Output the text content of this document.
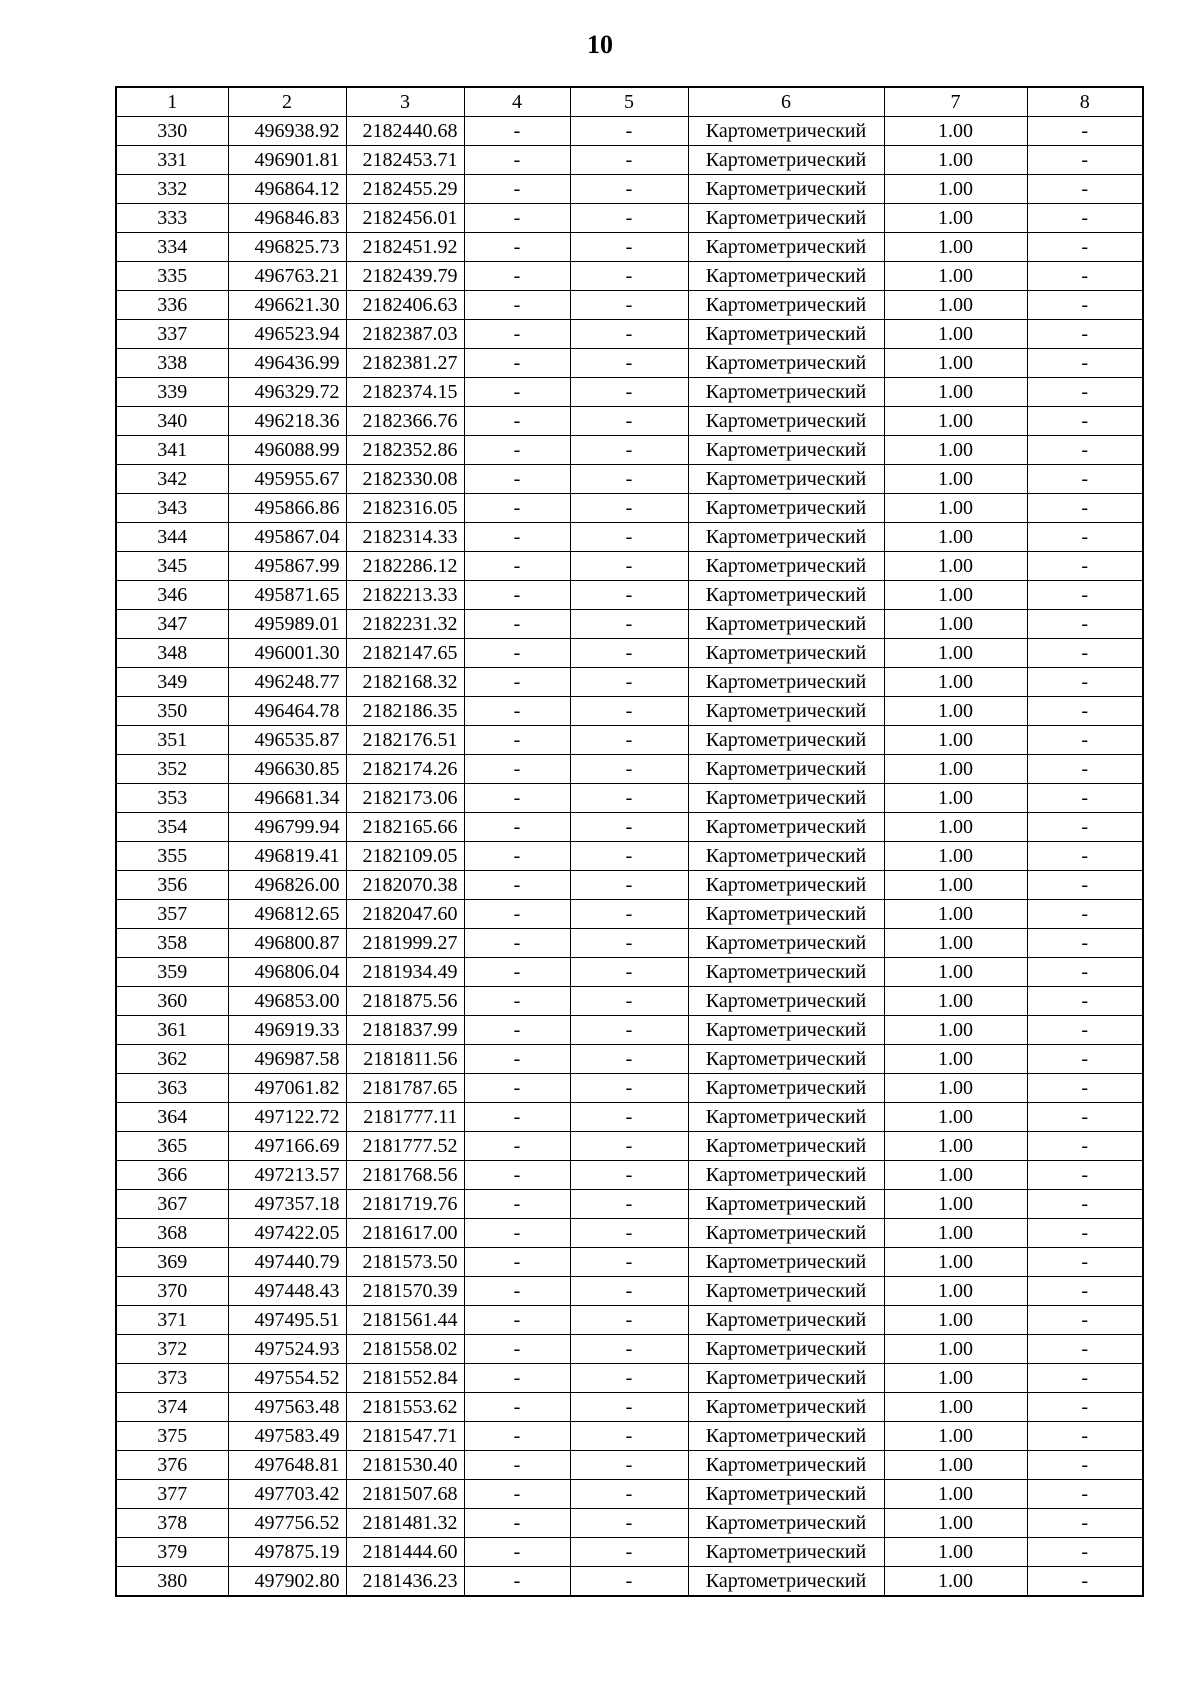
10
1	2	3	4	5	6	7	8
330	496938.92	2182440.68	-	-	Картометрический	1.00	-
331	496901.81	2182453.71	-	-	Картометрический	1.00	-
332	496864.12	2182455.29	-	-	Картометрический	1.00	-
333	496846.83	2182456.01	-	-	Картометрический	1.00	-
334	496825.73	2182451.92	-	-	Картометрический	1.00	-
335	496763.21	2182439.79	-	-	Картометрический	1.00	-
336	496621.30	2182406.63	-	-	Картометрический	1.00	-
337	496523.94	2182387.03	-	-	Картометрический	1.00	-
338	496436.99	2182381.27	-	-	Картометрический	1.00	-
339	496329.72	2182374.15	-	-	Картометрический	1.00	-
340	496218.36	2182366.76	-	-	Картометрический	1.00	-
341	496088.99	2182352.86	-	-	Картометрический	1.00	-
342	495955.67	2182330.08	-	-	Картометрический	1.00	-
343	495866.86	2182316.05	-	-	Картометрический	1.00	-
344	495867.04	2182314.33	-	-	Картометрический	1.00	-
345	495867.99	2182286.12	-	-	Картометрический	1.00	-
346	495871.65	2182213.33	-	-	Картометрический	1.00	-
347	495989.01	2182231.32	-	-	Картометрический	1.00	-
348	496001.30	2182147.65	-	-	Картометрический	1.00	-
349	496248.77	2182168.32	-	-	Картометрический	1.00	-
350	496464.78	2182186.35	-	-	Картометрический	1.00	-
351	496535.87	2182176.51	-	-	Картометрический	1.00	-
352	496630.85	2182174.26	-	-	Картометрический	1.00	-
353	496681.34	2182173.06	-	-	Картометрический	1.00	-
354	496799.94	2182165.66	-	-	Картометрический	1.00	-
355	496819.41	2182109.05	-	-	Картометрический	1.00	-
356	496826.00	2182070.38	-	-	Картометрический	1.00	-
357	496812.65	2182047.60	-	-	Картометрический	1.00	-
358	496800.87	2181999.27	-	-	Картометрический	1.00	-
359	496806.04	2181934.49	-	-	Картометрический	1.00	-
360	496853.00	2181875.56	-	-	Картометрический	1.00	-
361	496919.33	2181837.99	-	-	Картометрический	1.00	-
362	496987.58	2181811.56	-	-	Картометрический	1.00	-
363	497061.82	2181787.65	-	-	Картометрический	1.00	-
364	497122.72	2181777.11	-	-	Картометрический	1.00	-
365	497166.69	2181777.52	-	-	Картометрический	1.00	-
366	497213.57	2181768.56	-	-	Картометрический	1.00	-
367	497357.18	2181719.76	-	-	Картометрический	1.00	-
368	497422.05	2181617.00	-	-	Картометрический	1.00	-
369	497440.79	2181573.50	-	-	Картометрический	1.00	-
370	497448.43	2181570.39	-	-	Картометрический	1.00	-
371	497495.51	2181561.44	-	-	Картометрический	1.00	-
372	497524.93	2181558.02	-	-	Картометрический	1.00	-
373	497554.52	2181552.84	-	-	Картометрический	1.00	-
374	497563.48	2181553.62	-	-	Картометрический	1.00	-
375	497583.49	2181547.71	-	-	Картометрический	1.00	-
376	497648.81	2181530.40	-	-	Картометрический	1.00	-
377	497703.42	2181507.68	-	-	Картометрический	1.00	-
378	497756.52	2181481.32	-	-	Картометрический	1.00	-
379	497875.19	2181444.60	-	-	Картометрический	1.00	-
380	497902.80	2181436.23	-	-	Картометрический	1.00	-
